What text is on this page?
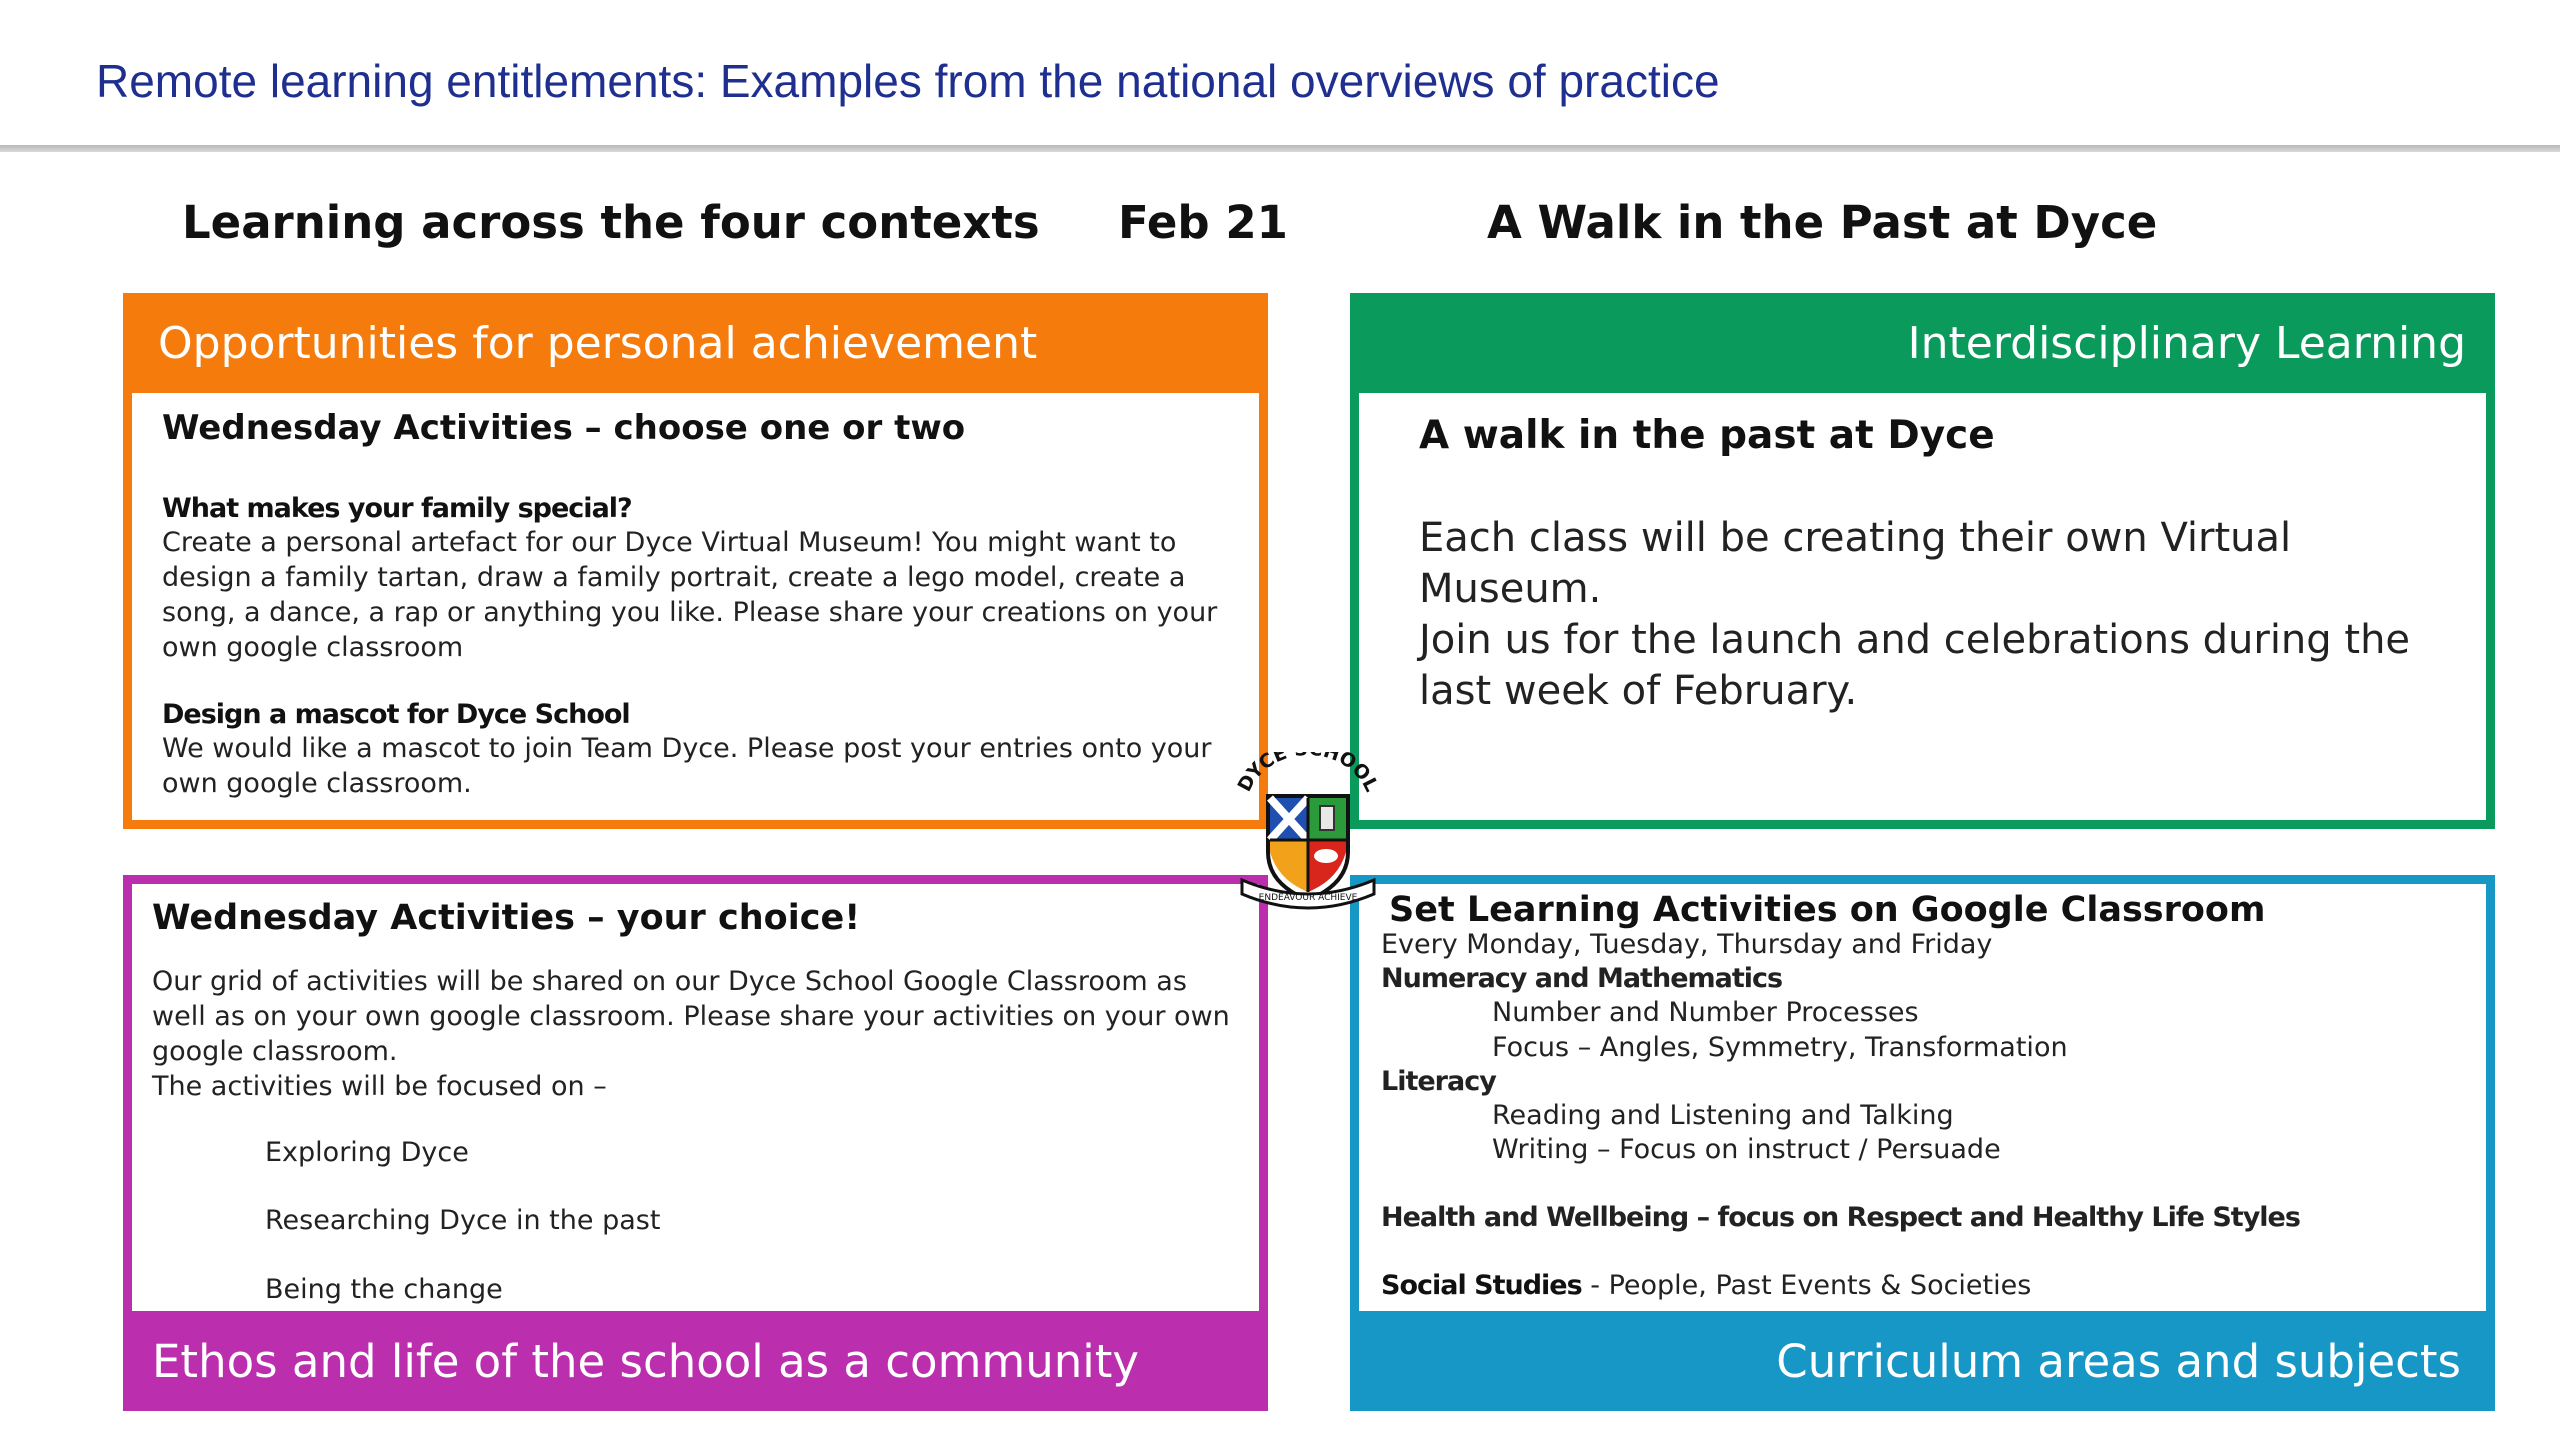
Remote learning entitlements: Examples from the national overviews of practice
Learning across the four contexts Feb 21	A Walk in the Past at Dyce
Opportunities for personal achievement
Wednesday Activities – choose one or two
What makes your family special?
Create a personal artefact for our Dyce Virtual Museum! You might want to design a family tartan, draw a family portrait, create a lego model, create a song, a dance, a rap or anything you like. Please share your creations on your own google classroom
Design a mascot for Dyce School
We would like a mascot to join Team Dyce. Please post your entries onto your own google classroom.
Interdisciplinary Learning
A walk in the past at Dyce
Each class will be creating their own Virtual Museum.
Join us for the launch and celebrations during the last week of February.
Wednesday Activities – your choice!
Our grid of activities will be shared on our Dyce School Google Classroom as well as on your own google classroom. Please share your activities on your own google classroom.
The activities will be focused on –
Exploring Dyce
Researching Dyce in the past
Being the change
Ethos and life of the school as a community
Set Learning Activities on Google Classroom
Every Monday, Tuesday, Thursday and Friday
Numeracy and Mathematics
Number and Number Processes
Focus – Angles, Symmetry, Transformation
Literacy
Reading and Listening and Talking
Writing – Focus on instruct / Persuade
Health and Wellbeing – focus on Respect and Healthy Life Styles
Social Studies - People, Past Events & Societies
Curriculum areas and subjects
DYCE HOOL
ENDEAVOUR ACHIEVE
